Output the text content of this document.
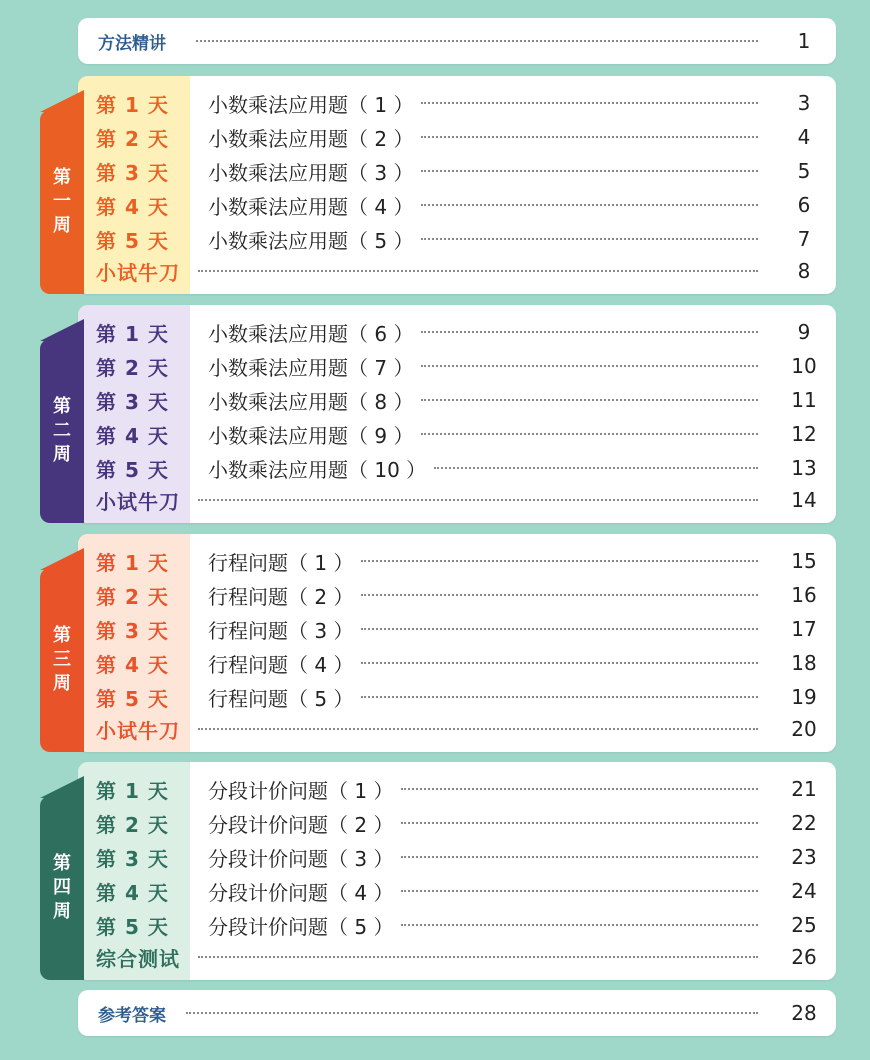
方法精讲	1
第 1 天 小数乘法应用题（ 1 ）	3
第 2 天 小数乘法应用题（ 2 ）	4
第 3 天 小数乘法应用题（ 3 ）	5
第 4 天 小数乘法应用题（ 4 ）	6
第 5 天 小数乘法应用题（ 5 ）	7
小试牛刀	8
第 1 天 小数乘法应用题（ 6 ）	9
第 2 天 小数乘法应用题（ 7 ）	10
第 3 天 小数乘法应用题（ 8 ）	11
第 4 天 小数乘法应用题（ 9 ）	12
第 5 天 小数乘法应用题（ 10 ）	13
小试牛刀	14
第 1 天 行程问题（ 1 ）	15
第 2 天 行程问题（ 2 ）	16
第 3 天 行程问题（ 3 ）	17
第 4 天 行程问题（ 4 ）	18
第 5 天 行程问题（ 5 ）	19
小试牛刀	20
第 1 天 分段计价问题（ 1 ）	21
第 2 天 分段计价问题（ 2 ）	22
第 3 天 分段计价问题（ 3 ）	23
第 4 天 分段计价问题（ 4 ）	24
第 5 天 分段计价问题（ 5 ）	25
综合测试	26
参考答案	28
第
一
周
第
二
周
第
三
周
第
四
周
